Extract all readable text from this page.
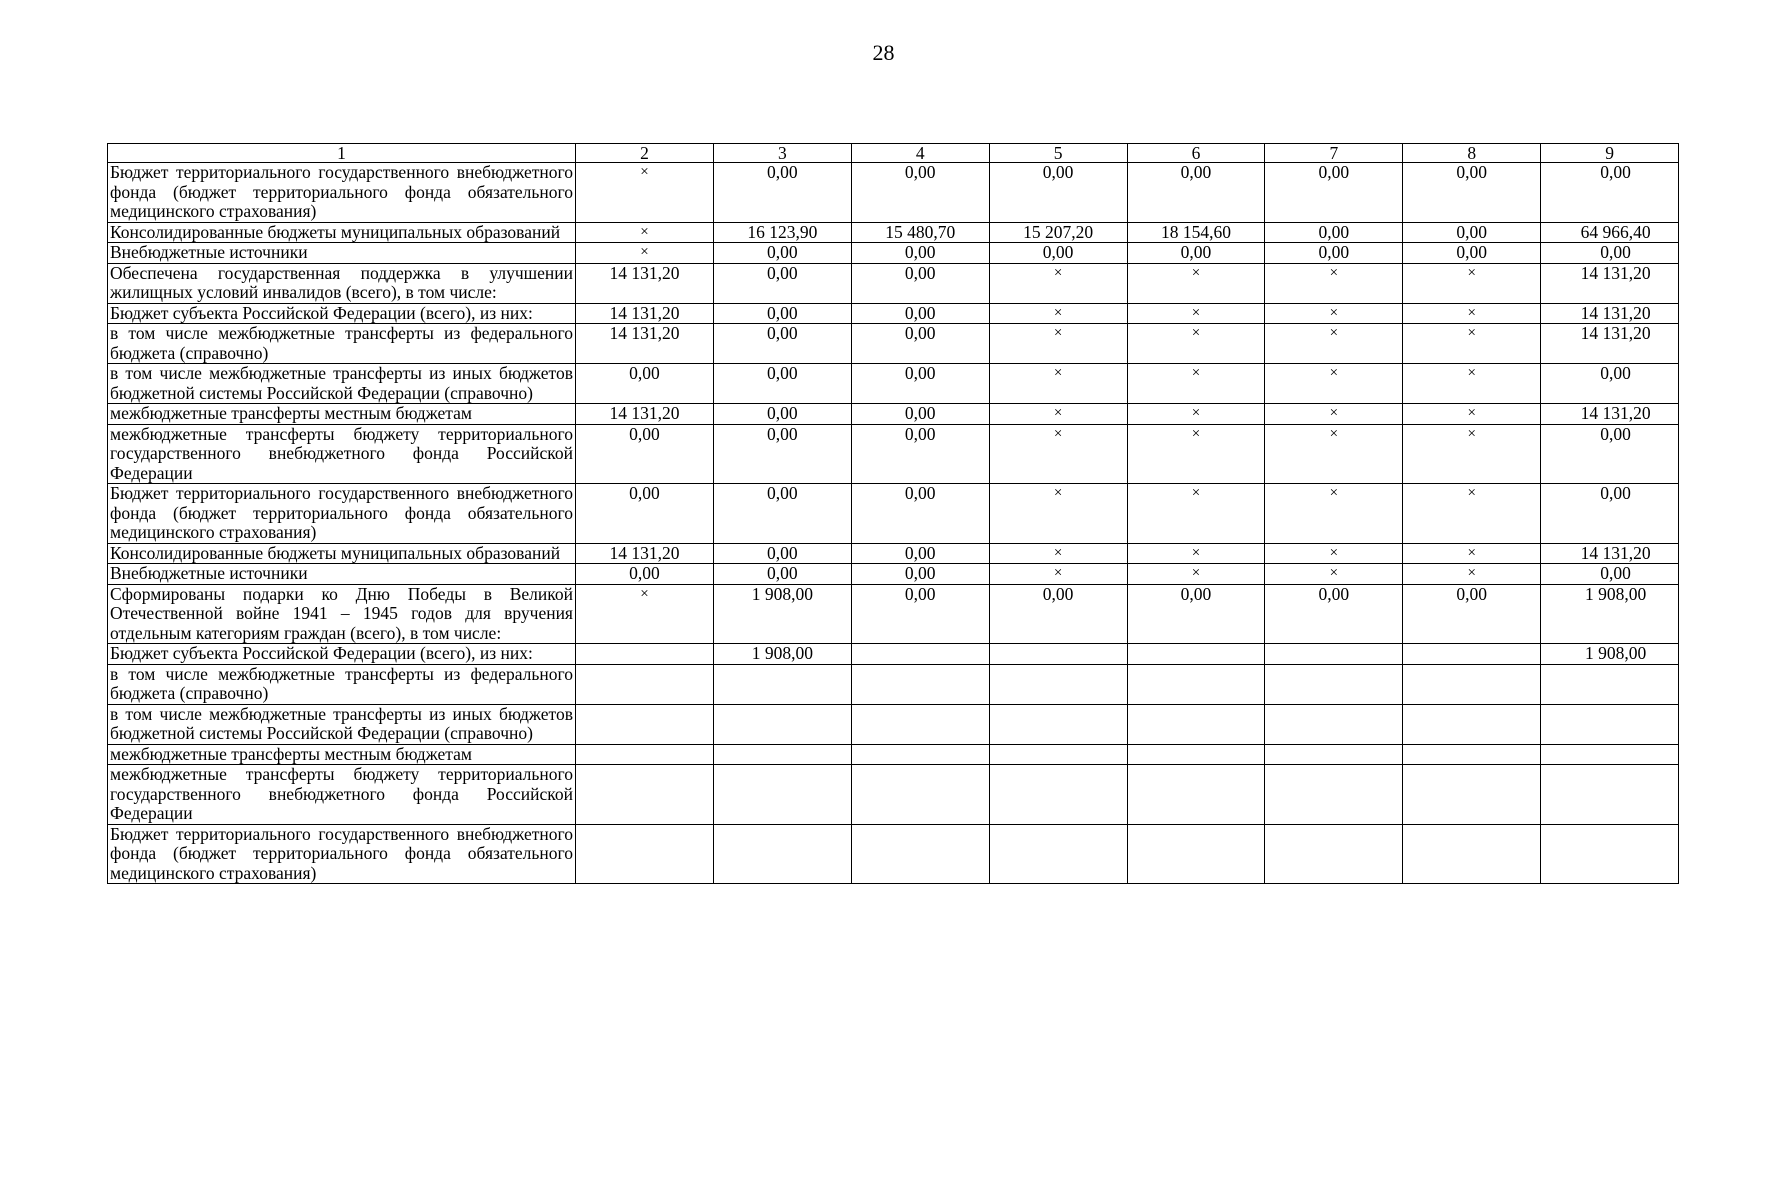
28
1	2	3	4	5	6	7	8	9
Бюджет территориального государственного внебюджетного фонда (бюджет территориального фонда обязательного медицинского страхования)	×	0,00	0,00	0,00	0,00	0,00	0,00	0,00
Консолидированные бюджеты муниципальных образований	×	16 123,90	15 480,70	15 207,20	18 154,60	0,00	0,00	64 966,40
Внебюджетные источники	×	0,00	0,00	0,00	0,00	0,00	0,00	0,00
Обеспечена государственная поддержка в улучшении жилищных условий инвалидов (всего), в том числе:	14 131,20	0,00	0,00	×	×	×	×	14 131,20
Бюджет субъекта Российской Федерации (всего), из них:	14 131,20	0,00	0,00	×	×	×	×	14 131,20
в том числе межбюджетные трансферты из федерального бюджета (справочно)	14 131,20	0,00	0,00	×	×	×	×	14 131,20
в том числе межбюджетные трансферты из иных бюджетов бюджетной системы Российской Федерации (справочно)	0,00	0,00	0,00	×	×	×	×	0,00
межбюджетные трансферты местным бюджетам	14 131,20	0,00	0,00	×	×	×	×	14 131,20
межбюджетные трансферты бюджету территориального государственного внебюджетного фонда Российской Федерации	0,00	0,00	0,00	×	×	×	×	0,00
Бюджет территориального государственного внебюджетного фонда (бюджет территориального фонда обязательного медицинского страхования)	0,00	0,00	0,00	×	×	×	×	0,00
Консолидированные бюджеты муниципальных образований	14 131,20	0,00	0,00	×	×	×	×	14 131,20
Внебюджетные источники	0,00	0,00	0,00	×	×	×	×	0,00
Сформированы подарки ко Дню Победы в Великой Отечественной войне 1941 – 1945 годов для вручения отдельным категориям граждан (всего), в том числе:	×	1 908,00	0,00	0,00	0,00	0,00	0,00	1 908,00
Бюджет субъекта Российской Федерации (всего), из них:		1 908,00						1 908,00
в том числе межбюджетные трансферты из федерального бюджета (справочно)								
в том числе межбюджетные трансферты из иных бюджетов бюджетной системы Российской Федерации (справочно)								
межбюджетные трансферты местным бюджетам								
межбюджетные трансферты бюджету территориального государственного внебюджетного фонда Российской Федерации								
Бюджет территориального государственного внебюджетного фонда (бюджет территориального фонда обязательного медицинского страхования)								
